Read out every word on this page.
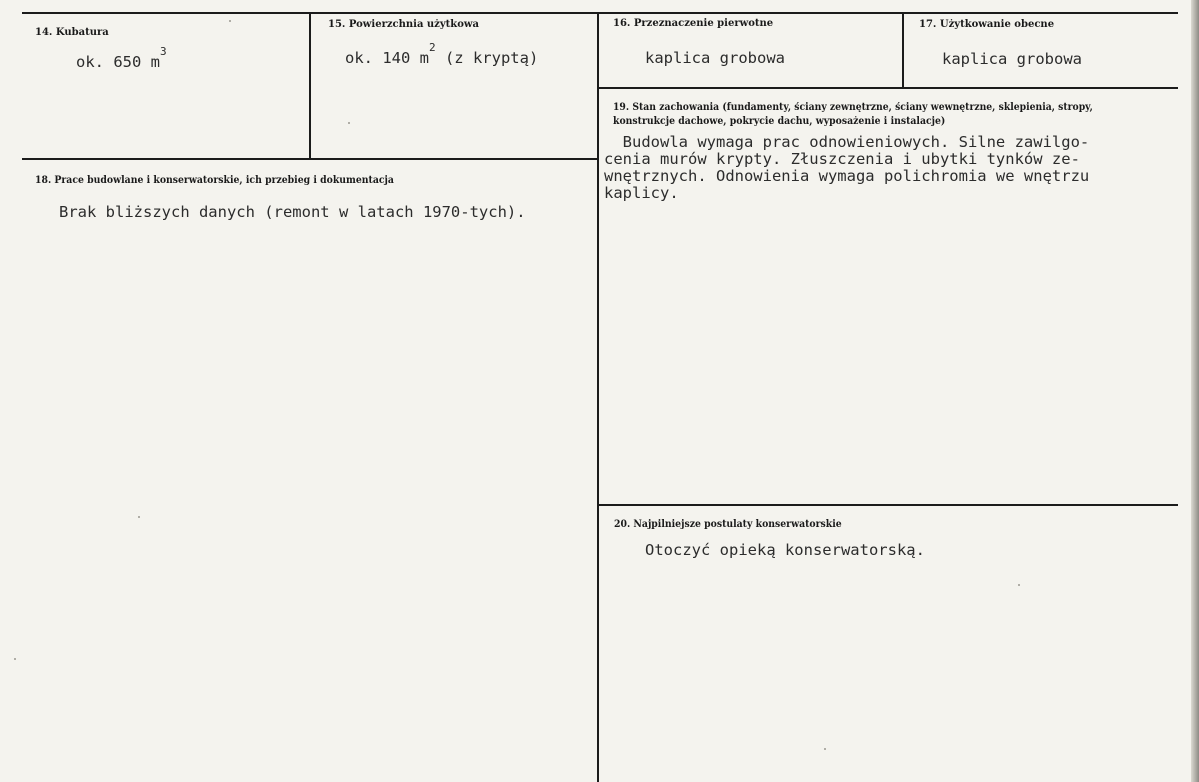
14. Kubatura
ok. 650 $m^3$
15. Powierzchnia użytkowa
ok. 140 $m^2$ (z kryptą)
16. Przeznaczenie pierwotne
kaplica grobowa
17. Użytkowanie obecne
kaplica grobowa
18. Prace budowlane i konserwatorskie, ich przebieg i dokumentacja
Brak bliższych danych (remont w latach 1970-tych).
19. Stan zachowania (fundamenty, ściany zewnętrzne, ściany wewnętrzne, sklepienia, stropy,
konstrukcje dachowe, pokrycie dachu, wyposażenie i instalacje)
Budowla wymaga prac odnowieniowych. Silne zawilgo-
cenia murów krypty. Złuszczenia i ubytki tynków ze-
wnętrznych. Odnowienia wymaga polichromia we wnętrzu
kaplicy.
20. Najpilniejsze postulaty konserwatorskie
Otoczyć opieką konserwatorską.
